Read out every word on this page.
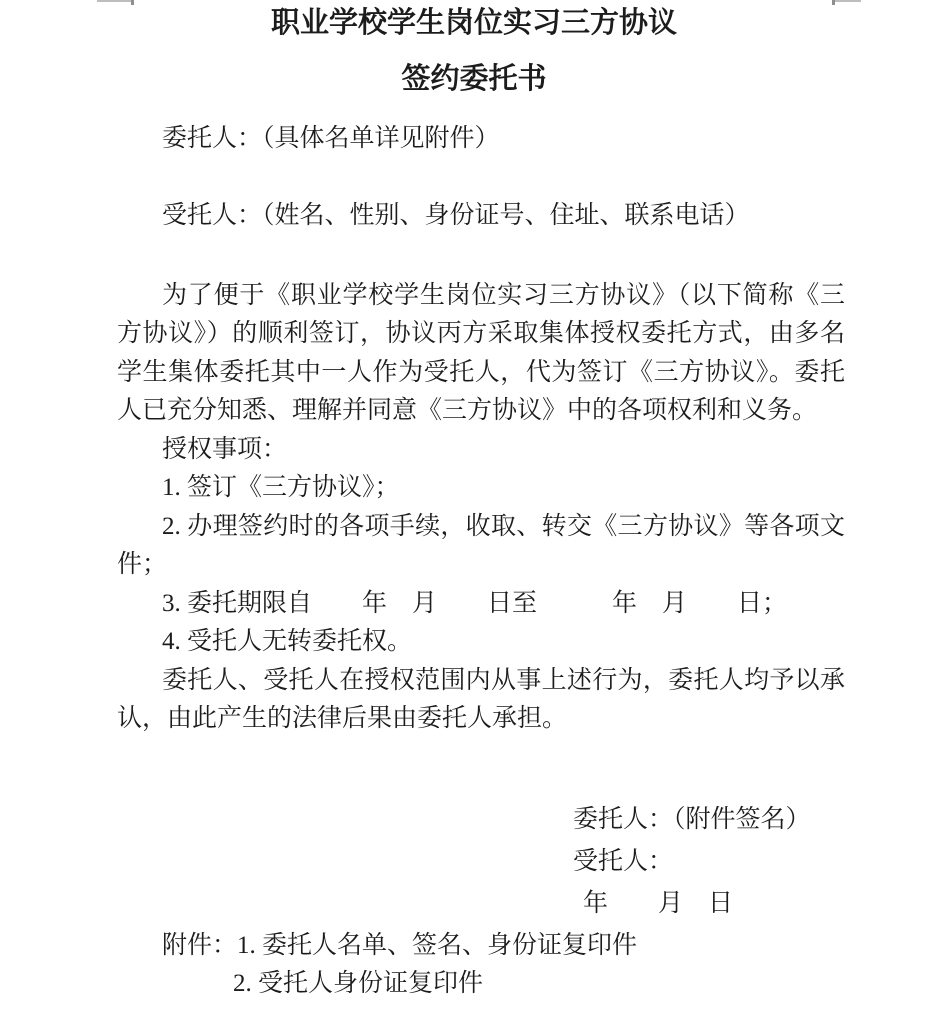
职业学校学生岗位实习三方协议
签约委托书

委托人：（具体名单详见附件）

受托人：（姓名、性别、身份证号、住址、联系电话）

为了便于《职业学校学生岗位实习三方协议》（以下简称《三方协议》）的顺利签订，协议丙方采取集体授权委托方式，由多名学生集体委托其中一人作为受托人，代为签订《三方协议》。委托人已充分知悉、理解并同意《三方协议》中的各项权利和义务。

授权事项：

1. 签订《三方协议》；

2. 办理签约时的各项手续，收取、转交《三方协议》等各项文件；

3. 委托期限自　　年　月　　日至　　　年　月　　日；

4. 受托人无转委托权。

委托人、受托人在授权范围内从事上述行为，委托人均予以承认，由此产生的法律后果由委托人承担。

委托人：（附件签名）

受托人：

年　　月　日

附件：1. 委托人名单、签名、身份证复印件

2. 受托人身份证复印件
